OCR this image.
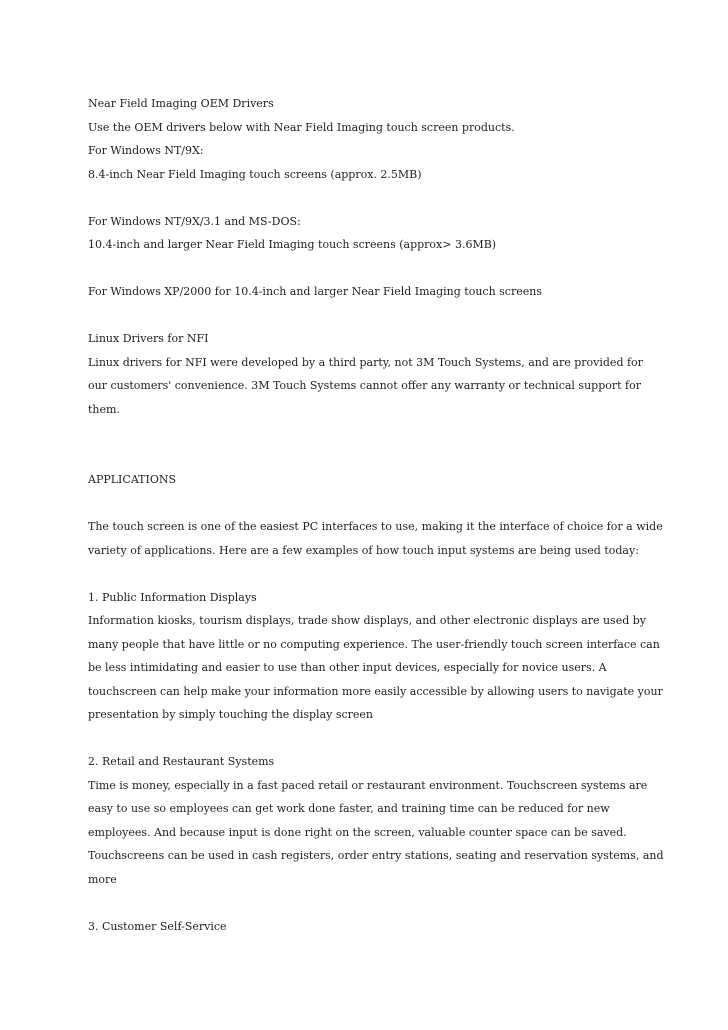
Near Field Imaging OEM Drivers
Use the OEM drivers below with Near Field Imaging touch screen products.
For Windows NT/9X:
8.4-inch Near Field Imaging touch screens (approx. 2.5MB)
For Windows NT/9X/3.1 and MS-DOS:
10.4-inch and larger Near Field Imaging touch screens (approx> 3.6MB)
For Windows XP/2000 for 10.4-inch and larger Near Field Imaging touch screens
Linux Drivers for NFI
Linux drivers for NFI were developed by a third party, not 3M Touch Systems, and are provided for
our customers' convenience. 3M Touch Systems cannot offer any warranty or technical support for
them.
APPLICATIONS
The touch screen is one of the easiest PC interfaces to use, making it the interface of choice for a wide
variety of applications. Here are a few examples of how touch input systems are being used today:
1. Public Information Displays
Information kiosks, tourism displays, trade show displays, and other electronic displays are used by
many people that have little or no computing experience. The user-friendly touch screen interface can
be less intimidating and easier to use than other input devices, especially for novice users. A
touchscreen can help make your information more easily accessible by allowing users to navigate your
presentation by simply touching the display screen
2. Retail and Restaurant Systems
Time is money, especially in a fast paced retail or restaurant environment. Touchscreen systems are
easy to use so employees can get work done faster, and training time can be reduced for new
employees. And because input is done right on the screen, valuable counter space can be saved.
Touchscreens can be used in cash registers, order entry stations, seating and reservation systems, and
more
3. Customer Self-Service
